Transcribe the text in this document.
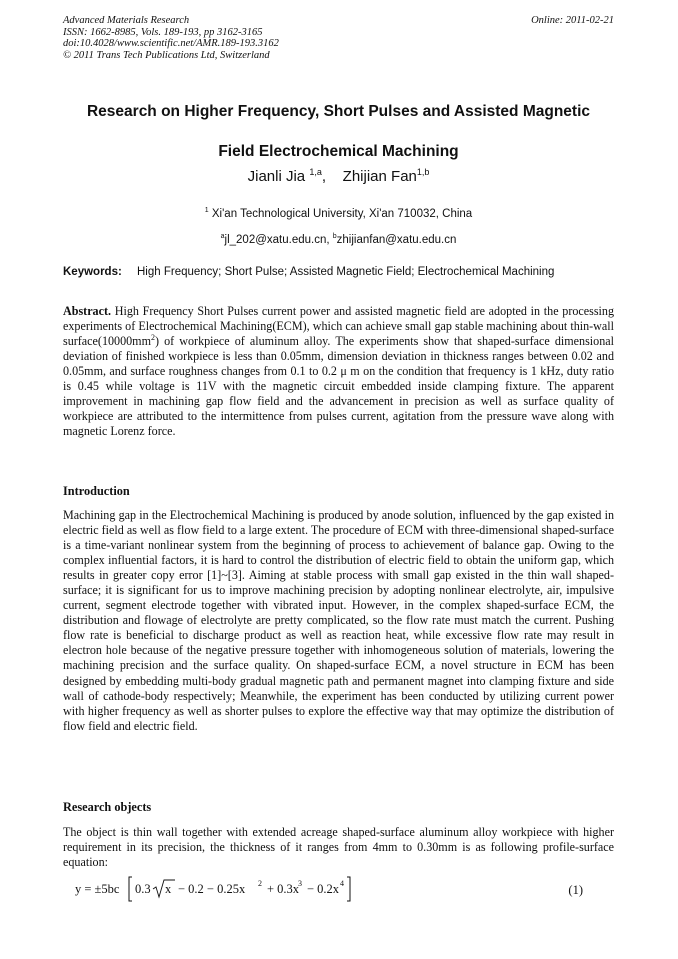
Advanced Materials Research
ISSN: 1662-8985, Vols. 189-193, pp 3162-3165
doi:10.4028/www.scientific.net/AMR.189-193.3162
© 2011 Trans Tech Publications Ltd, Switzerland
Online: 2011-02-21
Research on Higher Frequency, Short Pulses and Assisted Magnetic
Field Electrochemical Machining
Jianli Jia $^{1,a}$, Zhijian Fan$^{1,b}$
$^1$ Xi'an Technological University, Xi'an 710032, China
$^a$jl_202@xatu.edu.cn, $^b$zhijianfan@xatu.edu.cn
Keywords: High Frequency; Short Pulse; Assisted Magnetic Field; Electrochemical Machining
Abstract. High Frequency Short Pulses current power and assisted magnetic field are adopted in the processing experiments of Electrochemical Machining(ECM), which can achieve small gap stable machining about thin-wall $surface(10000mm^2)$ of workpiece of aluminum alloy. The experiments show that shaped-surface dimensional deviation of finished workpiece is less than 0.05mm, dimension deviation in thickness ranges between 0.02 and 0.05mm, and surface roughness changes from 0.1 to 0.2 μ m on the condition that frequency is 1 kHz, duty ratio is 0.45 while voltage is 11V with the magnetic circuit embedded inside clamping fixture. The apparent improvement in machining gap flow field and the advancement in precision as well as surface quality of workpiece are attributed to the intermittence from pulses current, agitation from the pressure wave along with magnetic Lorenz force.
Introduction
Machining gap in the Electrochemical Machining is produced by anode solution, influenced by the gap existed in electric field as well as flow field to a large extent. The procedure of ECM with three-dimensional shaped-surface is a time-variant nonlinear system from the beginning of process to achievement of balance gap. Owing to the complex influential factors, it is hard to control the distribution of electric field to obtain the uniform gap, which results in greater copy error [1]~[3]. Aiming at stable process with small gap existed in the thin wall shaped-surface; it is significant for us to improve machining precision by adopting nonlinear electrolyte, air, impulsive current, segment electrode together with vibrated input. However, in the complex shaped-surface ECM, the distribution and flowage of electrolyte are pretty complicated, so the flow rate must match the current. Pushing flow rate is beneficial to discharge product as well as reaction heat, while excessive flow rate may result in electron hole because of the negative pressure together with inhomogeneous solution of materials, lowering the machining precision and the surface quality. On shaped-surface ECM, a novel structure in ECM has been designed by embedding multi-body gradual magnetic path and permanent magnet into clamping fixture and side wall of cathode-body respectively; Meanwhile, the experiment has been conducted by utilizing current power with higher frequency as well as shorter pulses to explore the effective way that may optimize the distribution of flow field and electric field.
Research objects
The object is thin wall together with extended acreage shaped-surface aluminum alloy workpiece with higher requirement in its precision, the thickness of it ranges from 4mm to 0.30mm is as following profile-surface equation:
y = ±5bc 0.3 x − 0.2 − 0.25x 2 + 0.3x
3 − 0.2x 4	(1)
